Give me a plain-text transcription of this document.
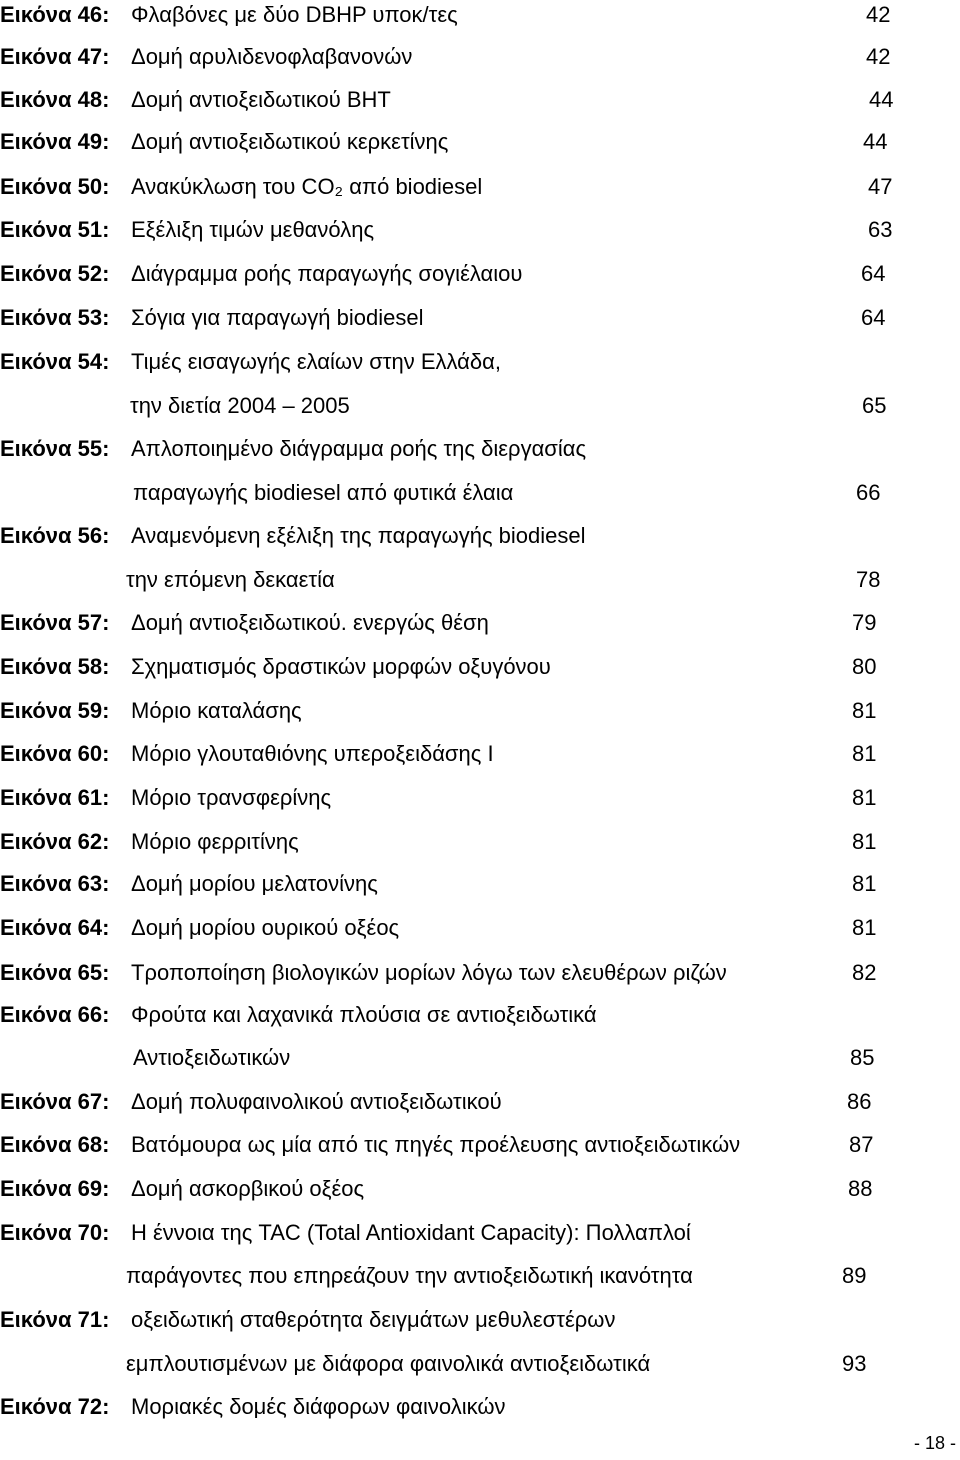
Εικόνα 46: Φλαβόνες με δύο DBHP υποκ/τες	42
Εικόνα 47: Δομή αρυλιδενοφλαβανονών	42
Εικόνα 48: Δομή αντιοξειδωτικού BHT	44
Εικόνα 49: Δομή αντιοξειδωτικού κερκετίνης	44
Εικόνα 50: Ανακύκλωση του CO₂ από biodiesel	47
Εικόνα 51: Εξέλιξη τιμών μεθανόλης	63
Εικόνα 52: Διάγραμμα ροής παραγωγής σογιέλαιου	64
Εικόνα 53: Σόγια για παραγωγή biodiesel	64
Εικόνα 54: Τιμές εισαγωγής ελαίων στην Ελλάδα,
την διετία 2004 – 2005	65
Εικόνα 55: Απλοποιημένο διάγραμμα ροής της διεργασίας
παραγωγής biodiesel από φυτικά έλαια	66
Εικόνα 56: Αναμενόμενη εξέλιξη της παραγωγής biodiesel
την επόμενη δεκαετία	78
Εικόνα 57: Δομή αντιοξειδωτικού. ενεργώς θέση	79
Εικόνα 58: Σχηματισμός δραστικών μορφών οξυγόνου	80
Εικόνα 59: Μόριο καταλάσης	81
Εικόνα 60: Μόριο γλουταθιόνης υπεροξειδάσης Ι	81
Εικόνα 61: Μόριο τρανσφερίνης	81
Εικόνα 62: Μόριο φερριτίνης	81
Εικόνα 63: Δομή μορίου μελατονίνης	81
Εικόνα 64: Δομή μορίου ουρικού οξέος	81
Εικόνα 65: Τροποποίηση βιολογικών μορίων λόγω των ελευθέρων ριζών	82
Εικόνα 66: Φρούτα και λαχανικά πλούσια σε αντιοξειδωτικά
Αντιοξειδωτικών	85
Εικόνα 67: Δομή πολυφαινολικού αντιοξειδωτικού	86
Εικόνα 68: Βατόμουρα ως μία από τις πηγές προέλευσης αντιοξειδωτικών	87
Εικόνα 69: Δομή ασκορβικού οξέος	88
Εικόνα 70: Η έννοια της TAC (Total Antioxidant Capacity): Πολλαπλοί
παράγοντες που επηρεάζουν την αντιοξειδωτική ικανότητα	89
Εικόνα 71: οξειδωτική σταθερότητα δειγμάτων μεθυλεστέρων
εμπλουτισμένων με διάφορα φαινολικά αντιοξειδωτικά	93
Εικόνα 72: Μοριακές δομές διάφορων φαινολικών
- 18 -
